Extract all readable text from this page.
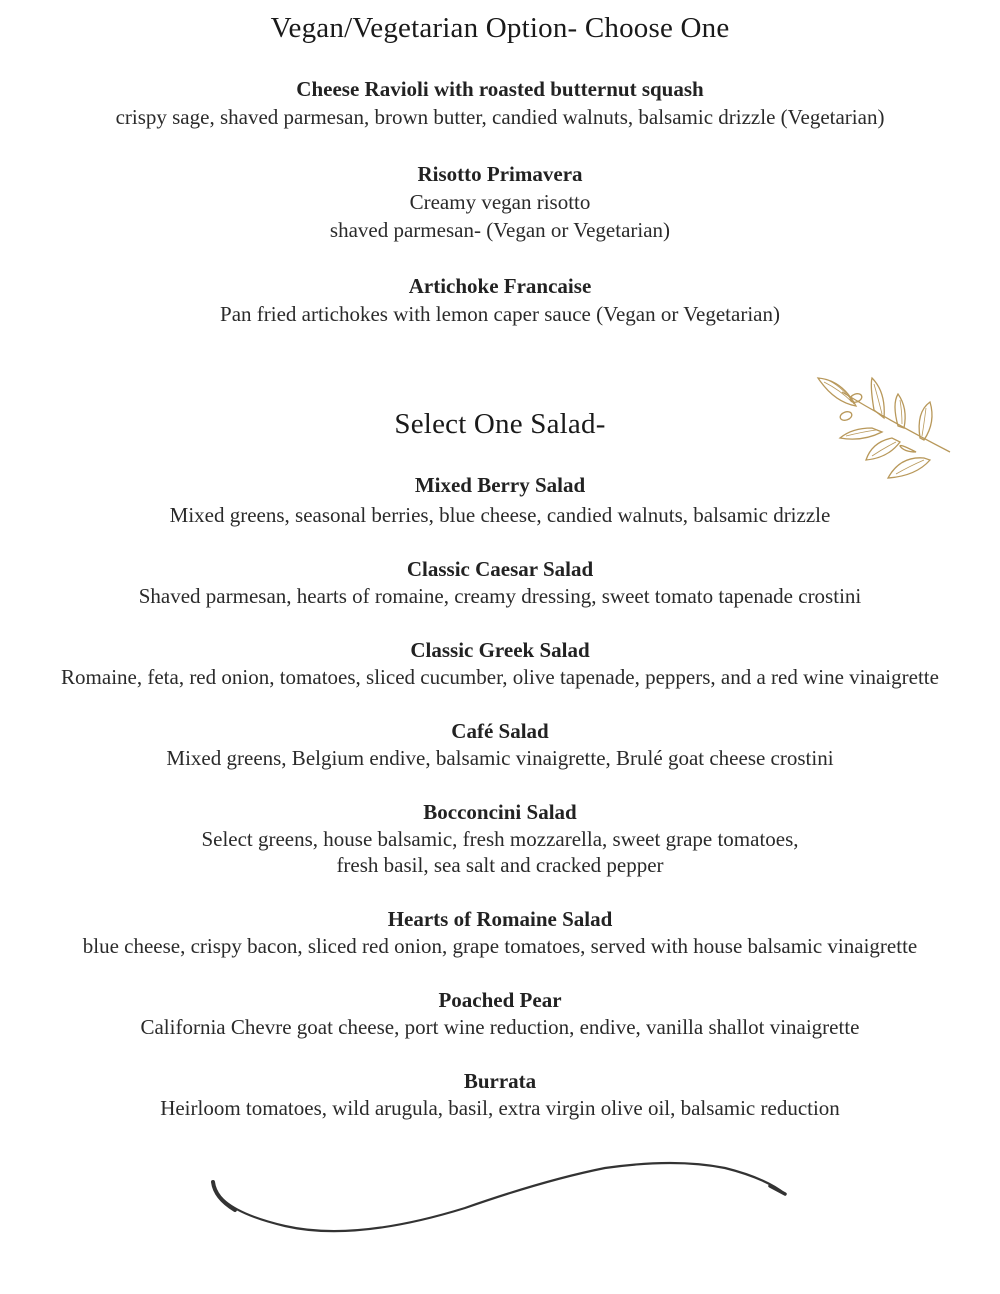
Vegan/Vegetarian Option- Choose One
Cheese Ravioli with roasted butternut squash
crispy sage, shaved parmesan, brown butter, candied walnuts, balsamic drizzle (Vegetarian)
Risotto Primavera
Creamy vegan risotto
shaved parmesan- (Vegan or Vegetarian)
Artichoke Francaise
Pan fried artichokes with lemon caper sauce (Vegan or Vegetarian)
Select One Salad-
Mixed Berry Salad
Mixed greens, seasonal berries, blue cheese, candied walnuts, balsamic drizzle
Classic Caesar Salad
Shaved parmesan, hearts of romaine, creamy dressing, sweet tomato tapenade crostini
Classic Greek Salad
Romaine, feta, red onion, tomatoes, sliced cucumber, olive tapenade, peppers, and a red wine vinaigrette
Café Salad
Mixed greens, Belgium endive, balsamic vinaigrette, Brulé goat cheese crostini
Bocconcini Salad
Select greens, house balsamic, fresh mozzarella, sweet grape tomatoes,
fresh basil, sea salt and cracked pepper
Hearts of Romaine Salad
blue cheese, crispy bacon, sliced red onion, grape tomatoes, served with house balsamic vinaigrette
Poached Pear
California Chevre goat cheese, port wine reduction, endive, vanilla shallot vinaigrette
Burrata
Heirloom tomatoes, wild arugula, basil, extra virgin olive oil, balsamic reduction
